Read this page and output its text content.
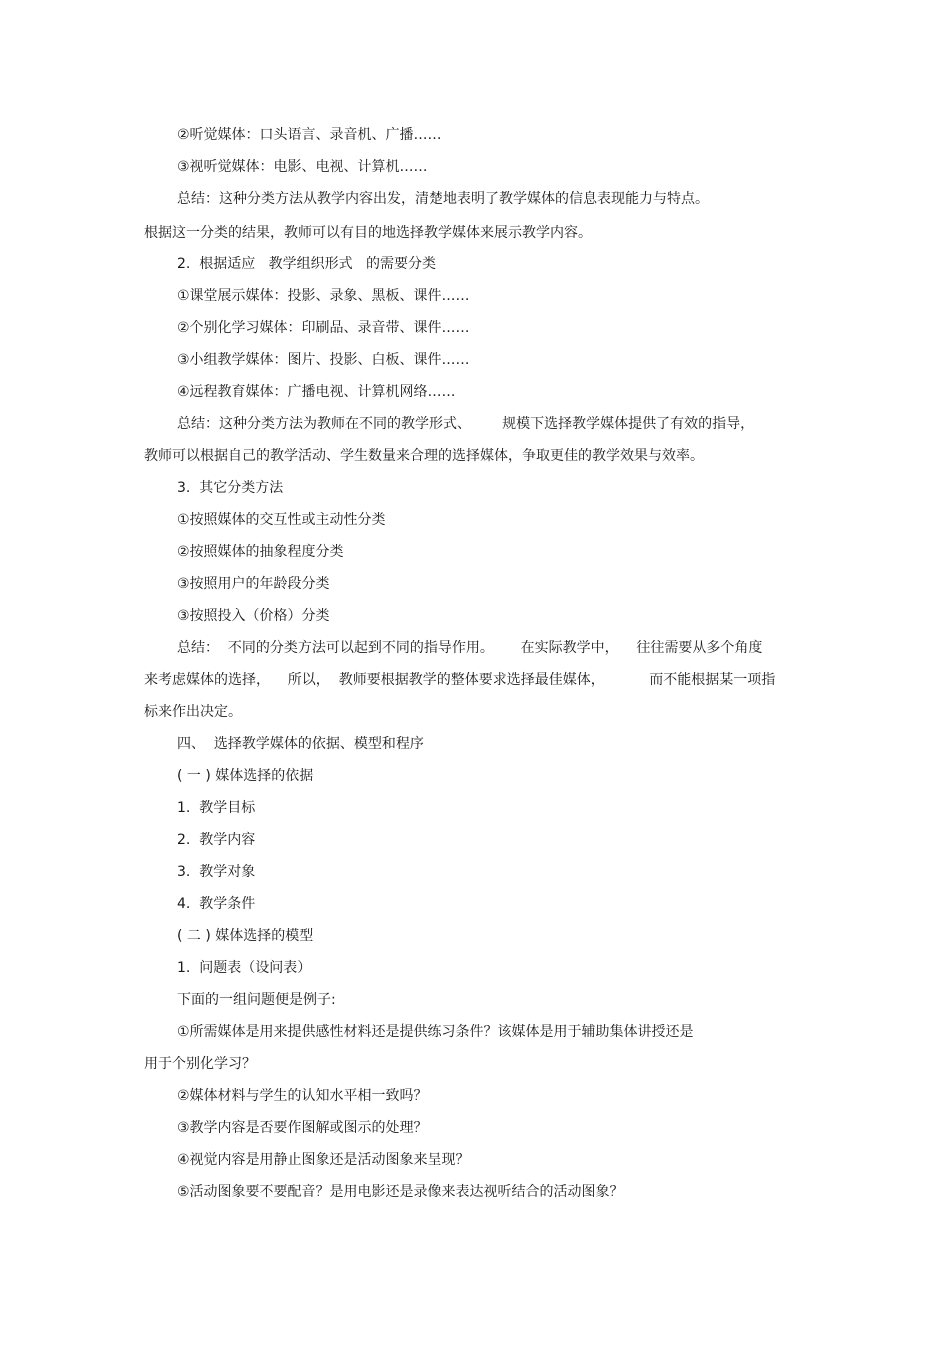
②听觉媒体：口头语言、录音机、广播……

③视听觉媒体：电影、电视、计算机……

总结：这种分类方法从教学内容出发，清楚地表明了教学媒体的信息表现能力与特点。

根据这一分类的结果，教师可以有目的地选择教学媒体来展示教学内容。

2.  根据适应   教学组织形式   的需要分类

①课堂展示媒体：投影、录象、黑板、课件……

②个别化学习媒体：印刷品、录音带、课件……

③小组教学媒体：图片、投影、白板、课件……

④远程教育媒体：广播电视、计算机网络……

总结：这种分类方法为教师在不同的教学形式、       规模下选择教学媒体提供了有效的指导，

教师可以根据自己的教学活动、学生数量来合理的选择媒体，争取更佳的教学效果与效率。

3.  其它分类方法

①按照媒体的交互性或主动性分类

②按照媒体的抽象程度分类

③按照用户的年龄段分类

③按照投入（价格）分类

总结：  不同的分类方法可以起到不同的指导作用。      在实际教学中，    往往需要从多个角度

来考虑媒体的选择，    所以，  教师要根据教学的整体要求选择最佳媒体，          而不能根据某一项指

标来作出决定。

四、  选择教学媒体的依据、模型和程序

( 一 ) 媒体选择的依据

1.  教学目标

2.  教学内容

3.  教学对象

4.  教学条件

( 二 ) 媒体选择的模型

1.  问题表（设问表）

下面的一组问题便是例子:

①所需媒体是用来提供感性材料还是提供练习条件？该媒体是用于辅助集体讲授还是

用于个别化学习？

②媒体材料与学生的认知水平相一致吗？

③教学内容是否要作图解或图示的处理？

④视觉内容是用静止图象还是活动图象来呈现？

⑤活动图象要不要配音？是用电影还是录像来表达视听结合的活动图象？
